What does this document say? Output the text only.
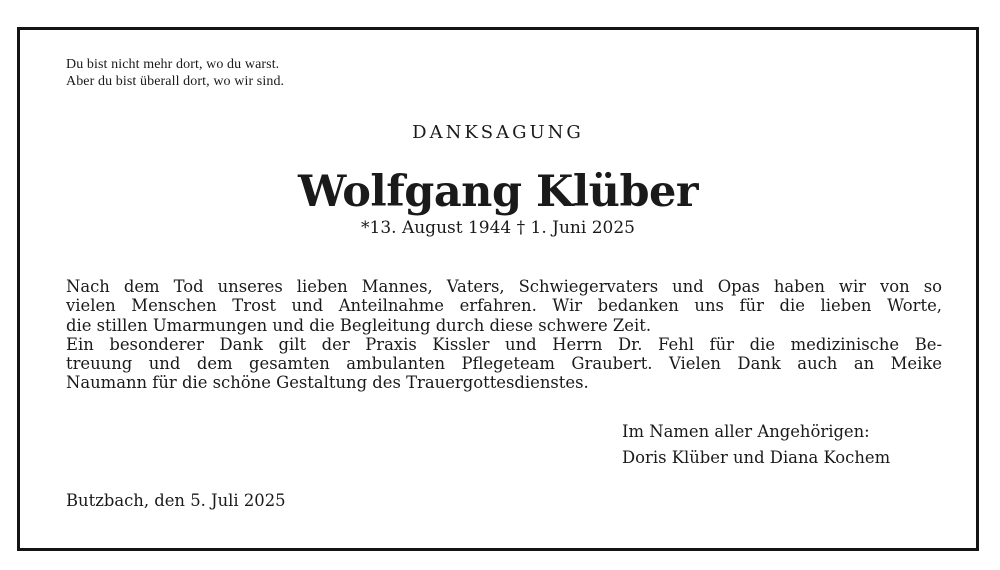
Du bist nicht mehr dort, wo du warst.
Aber du bist überall dort, wo wir sind.
DANKSAGUNG
Wolfgang Klüber
*13. August 1944 † 1. Juni 2025
Nach dem Tod unseres lieben Mannes, Vaters, Schwiegervaters und Opas haben wir von so
vielen Menschen Trost und Anteilnahme erfahren. Wir bedanken uns für die lieben Worte,
die stillen Umarmungen und die Begleitung durch diese schwere Zeit.
Ein besonderer Dank gilt der Praxis Kissler und Herrn Dr. Fehl für die medizinische Be-
treuung und dem gesamten ambulanten Pflegeteam Graubert. Vielen Dank auch an Meike
Naumann für die schöne Gestaltung des Trauergottesdienstes.
Im Namen aller Angehörigen:
Doris Klüber und Diana Kochem
Butzbach, den 5. Juli 2025
